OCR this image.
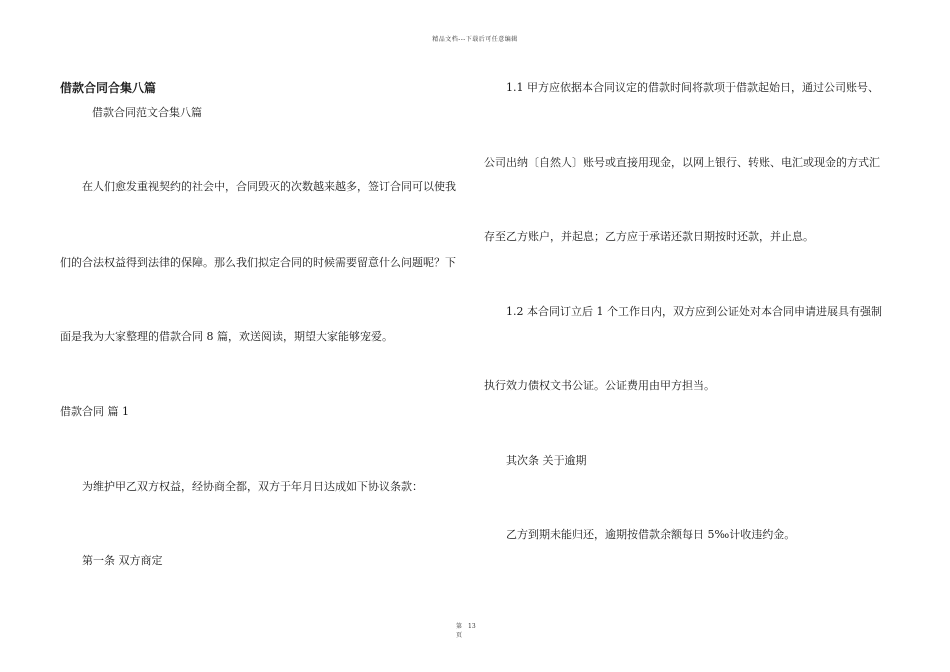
精品文档---下载后可任意编辑
借款合同合集八篇
借款合同范文合集八篇
在人们愈发重视契约的社会中，合同毁灭的次数越来越多，签订合同可以使我
们的合法权益得到法律的保障。那么我们拟定合同的时候需要留意什么问题呢？下
面是我为大家整理的借款合同 8 篇，欢送阅读，期望大家能够宠爱。
借款合同 篇 1
为维护甲乙双方权益，经协商全都，双方于年月日达成如下协议条款：
第一条 双方商定
1.1 甲方应依据本合同议定的借款时间将款项于借款起始日，通过公司账号、
公司出纳〔自然人〕账号或直接用现金，以网上银行、转账、电汇或现金的方式汇
存至乙方账户，并起息；乙方应于承诺还款日期按时还款，并止息。
1.2 本合同订立后 1 个工作日内，双方应到公证处对本合同申请进展具有强制
执行效力债权文书公证。公证费用由甲方担当。
其次条 关于逾期
乙方到期未能归还，逾期按借款余额每日 5‰计收违约金。
第 13
页
